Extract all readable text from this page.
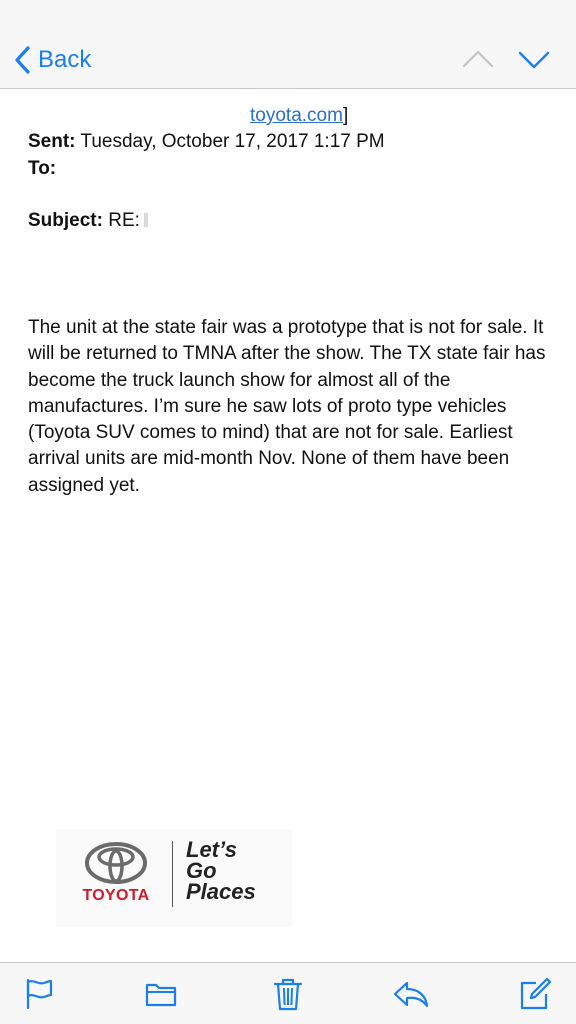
Back
toyota.com]
Sent: Tuesday, October 17, 2017 1:17 PM
To:
Subject: RE:
The unit at the state fair was a prototype that is not for sale. It will be returned to TMNA after the show. The TX state fair has become the truck launch show for almost all of the manufactures. I’m sure he saw lots of proto type vehicles (Toyota SUV comes to mind) that are not for sale. Earliest arrival units are mid-month Nov. None of them have been assigned yet.
TOYOTA
Let’s
Go
Places
